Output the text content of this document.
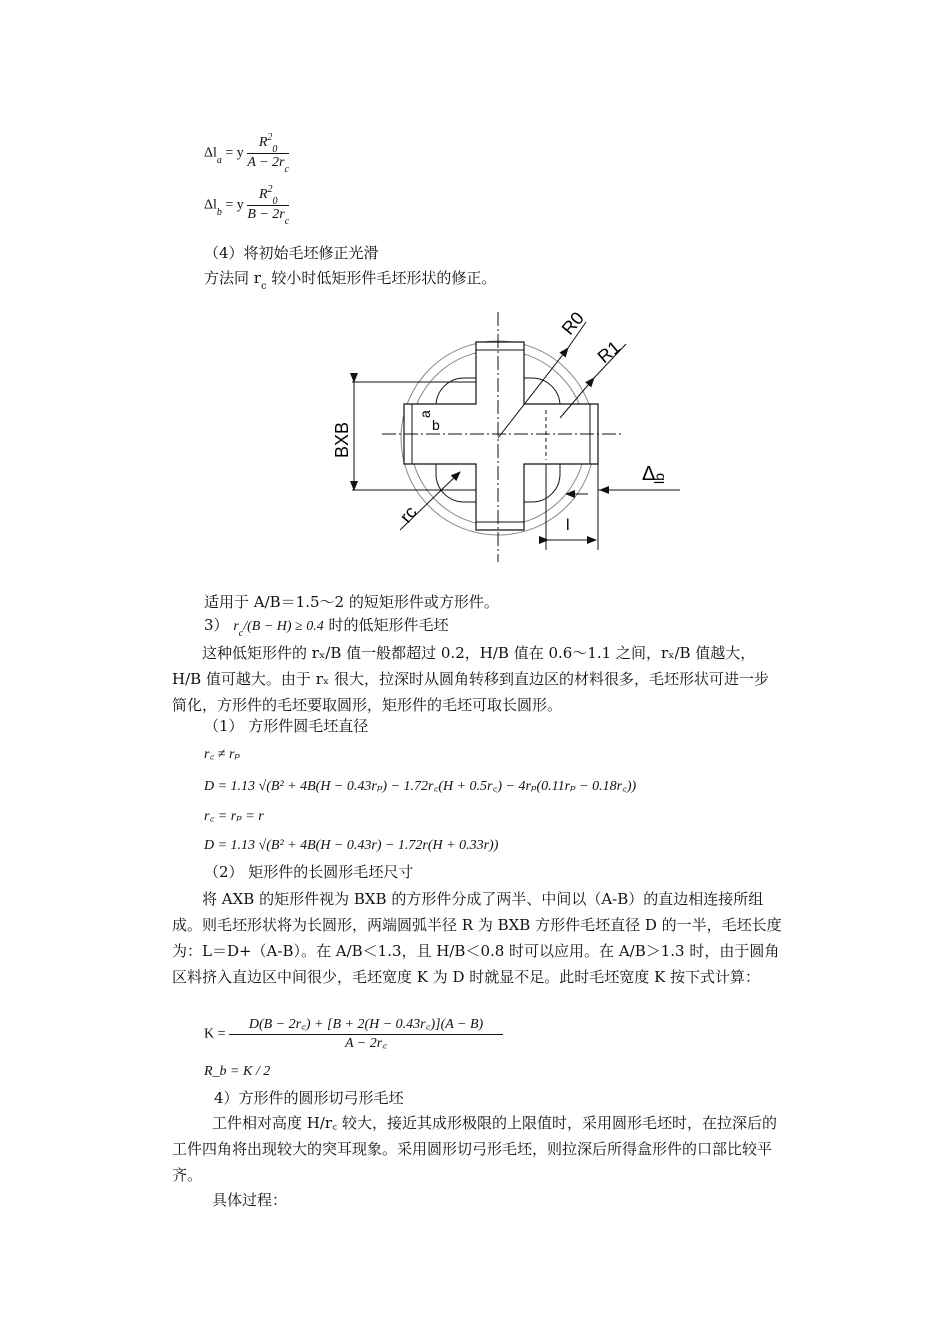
$\Delta l_a = y \frac{R^2_0}{A - 2r_c}$
$\Delta l_b = y \frac{R^2_0}{B - 2r_c}$
（4）将初始毛坯修正光滑
方法同 $r_c$ 较小时低矩形件毛坯形状的修正。
BXB
a
b
R0
R1
rc
Δ
lb
l
适用于 A/B＝1.5～2 的短矩形件或方形件。
3） $r_c/(B - H) \ge 0.4$ 时的低矩形件毛坯
这种低矩形件的 rₓ/B 值一般都超过 0.2，H/B 值在 0.6～1.1 之间，rₓ/B 值越大，H/B 值可越大。由于 rₓ 很大，拉深时从圆角转移到直边区的材料很多，毛坯形状可进一步简化，方形件的毛坯要取圆形，矩形件的毛坯可取长圆形。
（1） 方形件圆毛坯直径
r꜀ ≠ rₚ
D = 1.13 √(B² + 4B(H − 0.43rₚ) − 1.72r꜀(H + 0.5r꜀) − 4rₚ(0.11rₚ − 0.18r꜀))
r꜀ = rₚ = r
D = 1.13 √(B² + 4B(H − 0.43r) − 1.72r(H + 0.33r))
（2） 矩形件的长圆形毛坯尺寸
将 AXB 的矩形件视为 BXB 的方形件分成了两半、中间以（A-B）的直边相连接所组成。则毛坯形状将为长圆形，两端圆弧半径 R 为 BXB 方形件毛坯直径 D 的一半，毛坯长度为：L＝D+（A-B）。在 A/B＜1.3，且 H/B＜0.8 时可以应用。在 A/B＞1.3 时，由于圆角区料挤入直边区中间很少，毛坯宽度 K 为 D 时就显不足。此时毛坯宽度 K 按下式计算：
$K = \frac{D(B - 2r꜀) + [B + 2(H - 0.43r꜀)](A - B)}{A - 2r꜀}$
R_b = K / 2
4）方形件的圆形切弓形毛坯
工件相对高度 H/r꜀ 较大，接近其成形极限的上限值时，采用圆形毛坯时，在拉深后的工件四角将出现较大的突耳现象。采用圆形切弓形毛坯，则拉深后所得盒形件的口部比较平齐。
具体过程：
